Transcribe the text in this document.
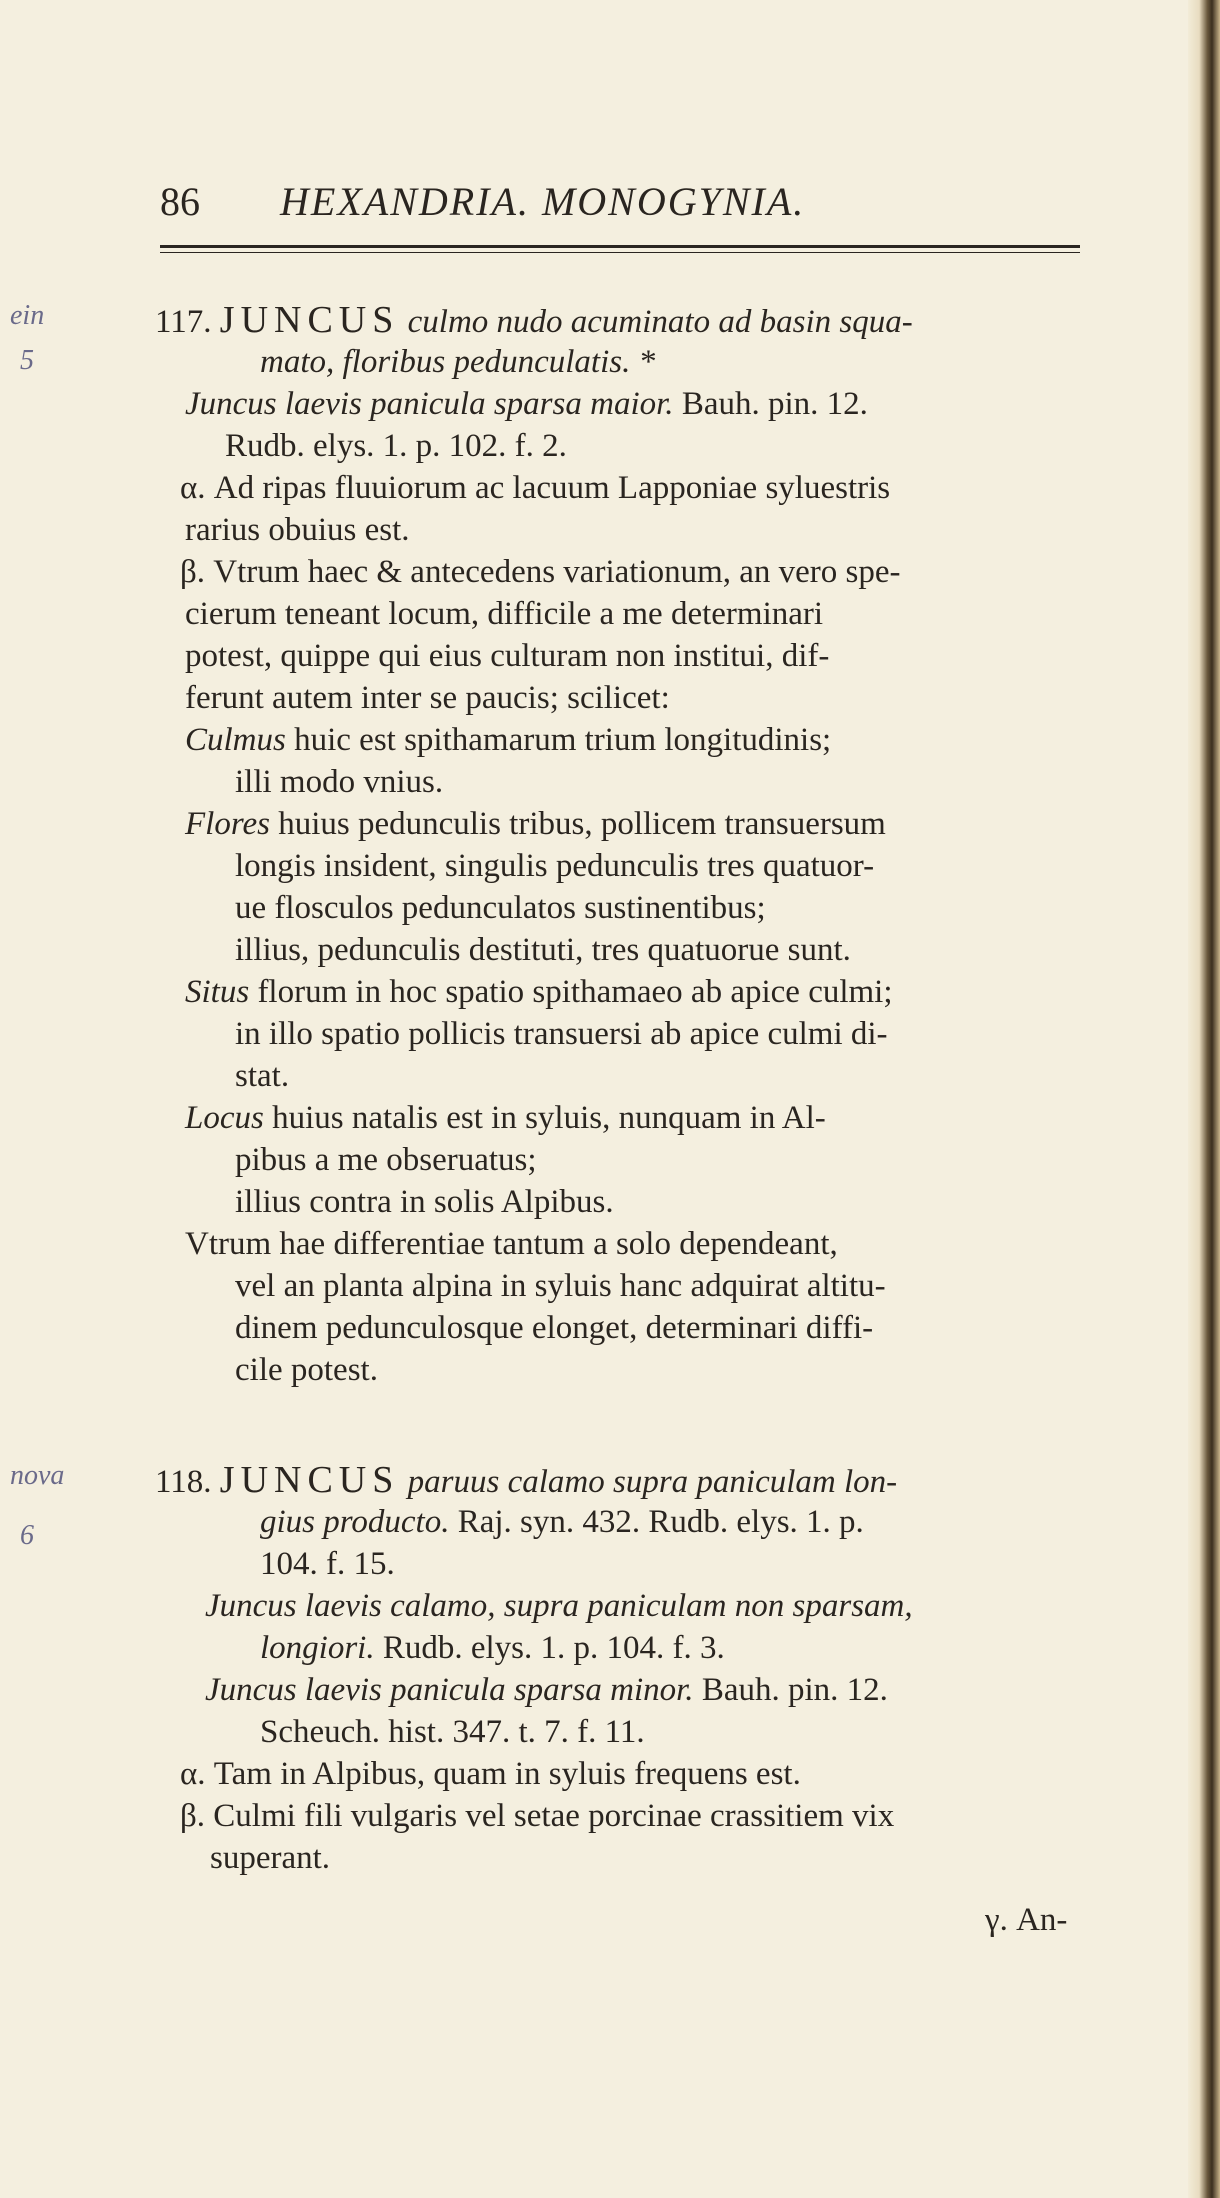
86 HEXANDRIA. MONOGYNIA.
ein
5
nova
6
117. JUNCUS culmo nudo acuminato ad basin squa-
mato, floribus pedunculatis. *
Juncus laevis panicula sparsa maior. Bauh. pin. 12.
Rudb. elys. 1. p. 102. f. 2.
α. Ad ripas fluuiorum ac lacuum Lapponiae syluestris
rarius obuius est.
β. Vtrum haec & antecedens variationum, an vero spe-
cierum teneant locum, difficile a me determinari
potest, quippe qui eius culturam non institui, dif-
ferunt autem inter se paucis; scilicet:
Culmus huic est spithamarum trium longitudinis;
illi modo vnius.
Flores huius pedunculis tribus, pollicem transuersum
longis insident, singulis pedunculis tres quatuor-
ue flosculos pedunculatos sustinentibus;
illius, pedunculis destituti, tres quatuorue sunt.
Situs florum in hoc spatio spithamaeo ab apice culmi;
in illo spatio pollicis transuersi ab apice culmi di-
stat.
Locus huius natalis est in syluis, nunquam in Al-
pibus a me obseruatus;
illius contra in solis Alpibus.
Vtrum hae differentiae tantum a solo dependeant,
vel an planta alpina in syluis hanc adquirat altitu-
dinem pedunculosque elonget, determinari diffi-
cile potest.
118. JUNCUS paruus calamo supra paniculam lon-
gius producto. Raj. syn. 432. Rudb. elys. 1. p.
104. f. 15.
Juncus laevis calamo, supra paniculam non sparsam,
longiori. Rudb. elys. 1. p. 104. f. 3.
Juncus laevis panicula sparsa minor. Bauh. pin. 12.
Scheuch. hist. 347. t. 7. f. 11.
α. Tam in Alpibus, quam in syluis frequens est.
β. Culmi fili vulgaris vel setae porcinae crassitiem vix
superant.
γ. An-
